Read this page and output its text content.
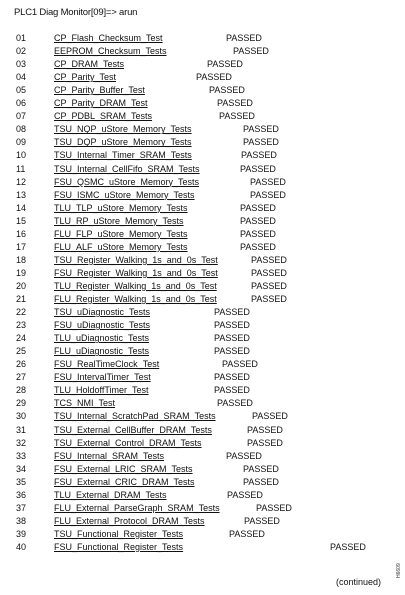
PLC1 Diag Monitor[09]=> arun
01	CP_Flash_Checksum_Test	PASSED
02	EEPROM_Checksum_Tests	PASSED
03	CP_DRAM_Tests	PASSED
04	CP_Parity_Test	PASSED
05	CP_Parity_Buffer_Test	PASSED
06	CP_Parity_DRAM_Test	PASSED
07	CP_PDBL_SRAM_Tests	PASSED
08	TSU_NQP_uStore_Memory_Tests	PASSED
09	TSU_DQP_uStore_Memory_Tests	PASSED
10	TSU_Internal_Timer_SRAM_Tests	PASSED
11	TSU_Internal_CellFifo_SRAM_Tests	PASSED
12	FSU_QSMC_uStore_Memory_Tests	PASSED
13	FSU_ISMC_uStore_Memory_Tests	PASSED
14	TLU_TLP_uStore_Memory_Tests	PASSED
15	TLU_RP_uStore_Memory_Tests	PASSED
16	FLU_FLP_uStore_Memory_Tests	PASSED
17	FLU_ALF_uStore_Memory_Tests	PASSED
18	TSU_Register_Walking_1s_and_0s_Test	PASSED
19	FSU_Register_Walking_1s_and_0s_Test	PASSED
20	TLU_Register_Walking_1s_and_0s_Test	PASSED
21	FLU_Register_Walking_1s_and_0s_Test	PASSED
22	TSU_uDiagnostic_Tests	PASSED
23	FSU_uDiagnostic_Tests	PASSED
24	TLU_uDiagnostic_Tests	PASSED
25	FLU_uDiagnostic_Tests	PASSED
26	FSU_RealTimeClock_Test	PASSED
27	FSU_IntervalTimer_Test	PASSED
28	TLU_HoldoffTimer_Test	PASSED
29	TCS_NMI_Test	PASSED
30	TSU_Internal_ScratchPad_SRAM_Tests	PASSED
31	TSU_External_CellBuffer_DRAM_Tests	PASSED
32	TSU_External_Control_DRAM_Tests	PASSED
33	FSU_Internal_SRAM_Tests	PASSED
34	FSU_External_LRIC_SRAM_Tests	PASSED
35	FSU_External_CRIC_DRAM_Tests	PASSED
36	TLU_External_DRAM_Tests	PASSED
37	FLU_External_ParseGraph_SRAM_Tests	PASSED
38	FLU_External_Protocol_DRAM_Tests	PASSED
39	TSU_Functional_Register_Tests	PASSED
40	FSU_Functional_Register_Tests	PASSED
(continued)
H6609
